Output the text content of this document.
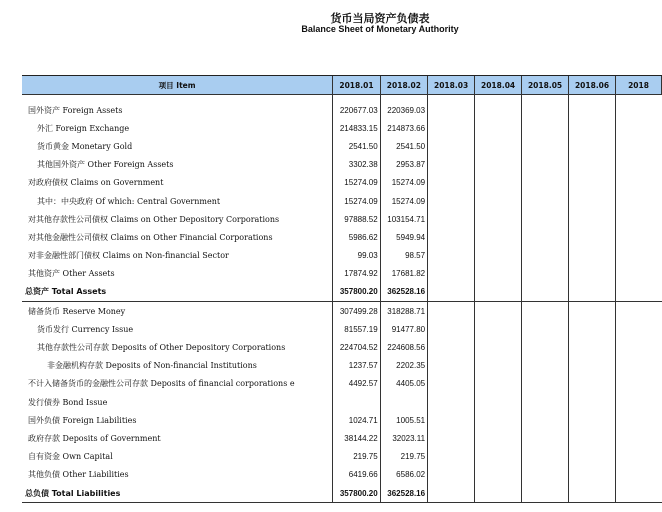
货币当局资产负债表
Balance Sheet of Monetary Authority
项目 Item	2018.01	2018.02	2018.03	2018.04	2018.05	2018.06	2018

国外资产 Foreign Assets	220677.03	220369.03					
外汇 Foreign Exchange	214833.15	214873.66					
货币黄金 Monetary Gold	2541.50	2541.50					
其他国外资产 Other Foreign Assets	3302.38	2953.87					
对政府债权 Claims on Government	15274.09	15274.09					
其中：中央政府 Of which: Central Government	15274.09	15274.09					
对其他存款性公司债权 Claims on Other Depository Corporations	97888.52	103154.71					
对其他金融性公司债权 Claims on Other Financial Corporations	5986.62	5949.94					
对非金融性部门债权 Claims on Non-financial Sector	99.03	98.57					
其他资产 Other Assets	17874.92	17681.82					
总资产 Total Assets	357800.20	362528.16					
储备货币 Reserve Money	307499.28	318288.71					
货币发行 Currency Issue	81557.19	91477.80					
其他存款性公司存款 Deposits of Other Depository Corporations	224704.52	224608.56					
非金融机构存款 Deposits of Non-financial Institutions	1237.57	2202.35					
不计入储备货币的金融性公司存款 Deposits of financial corporations e	4492.57	4405.05					
发行债券 Bond Issue							
国外负债 Foreign Liabilities	1024.71	1005.51					
政府存款 Deposits of Government	38144.22	32023.11					
自有资金 Own Capital	219.75	219.75					
其他负债 Other Liabilities	6419.66	6586.02					
总负债 Total Liabilities	357800.20	362528.16					
